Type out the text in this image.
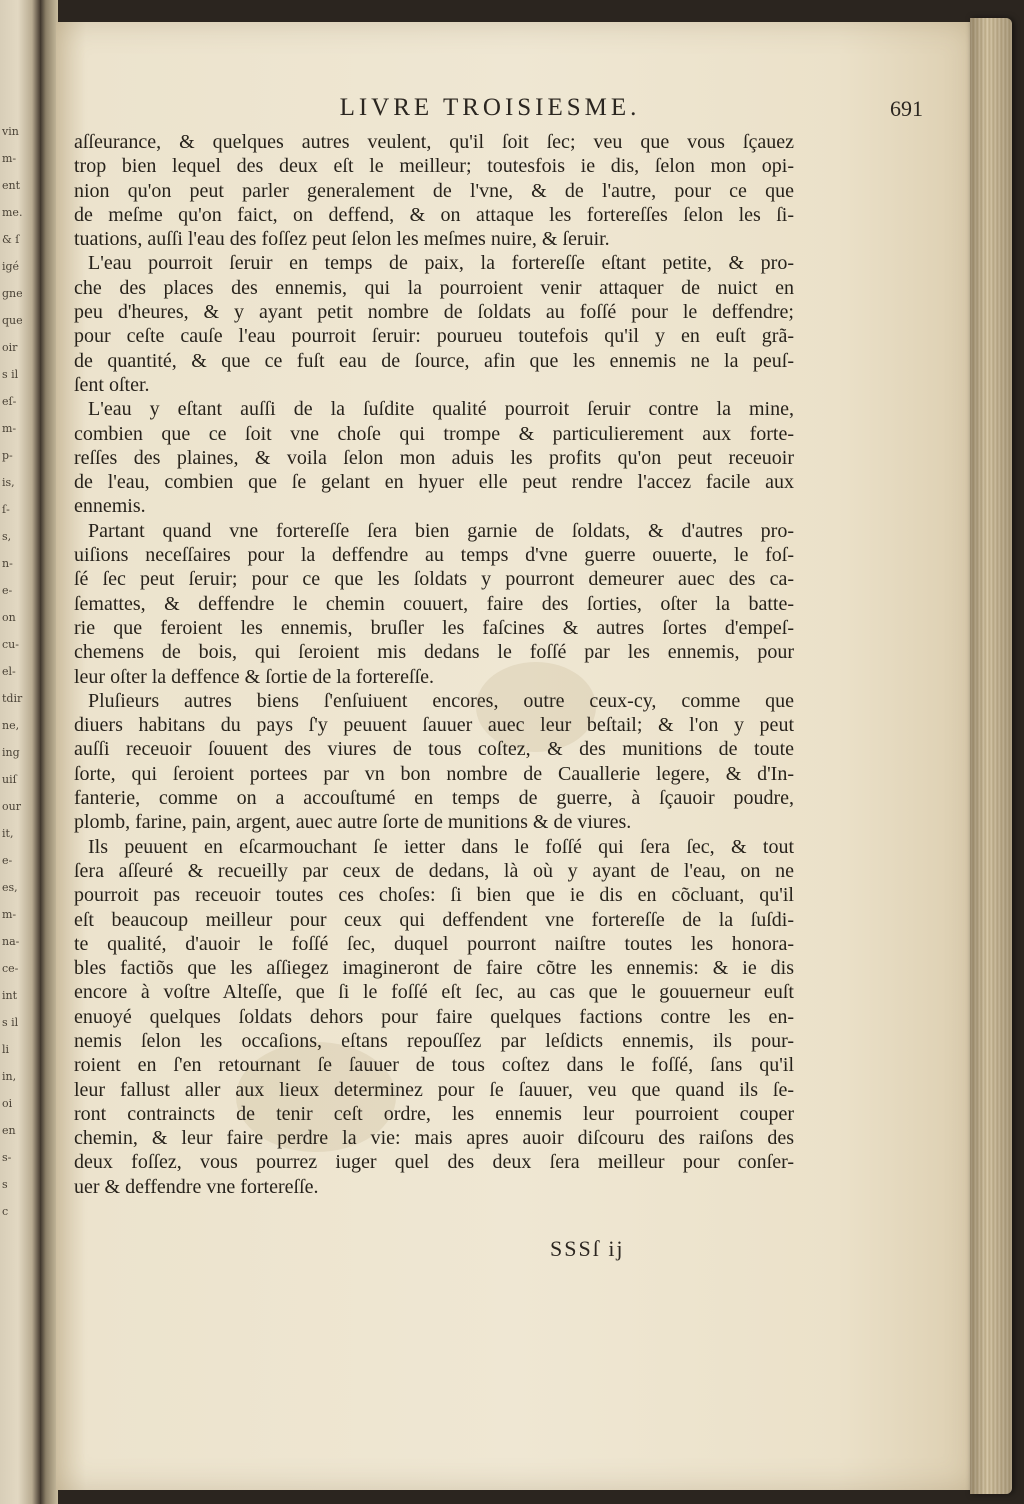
vin
m-
ent
me.
& ſ
igé
gne
que
oir
s il
eſ-
m-
p-
is,
ſ-
s,
n-
e-
on
cu-
el-
tdir
ne,
ing
uiſ
our
it,
e-
es,
m-
na-
ce-
int
s il
li
in,
oi
en
s-
s
c
LIVRE TROISIESME.	691
aſſeurance, & quelques autres veulent, qu'il ſoit ſec; veu que vous ſçauez
trop bien lequel des deux eſt le meilleur; toutesfois ie dis, ſelon mon opi-
nion qu'on peut parler generalement de l'vne, & de l'autre, pour ce que
de meſme qu'on faict, on deffend, & on attaque les fortereſſes ſelon les ſi-
tuations, auſſi l'eau des foſſez peut ſelon les meſmes nuire, & ſeruir.
L'eau pourroit ſeruir en temps de paix, la fortereſſe eſtant petite, & pro-
che des places des ennemis, qui la pourroient venir attaquer de nuict en
peu d'heures, & y ayant petit nombre de ſoldats au foſſé pour le deffendre;
pour ceſte cauſe l'eau pourroit ſeruir: pourueu toutefois qu'il y en euſt grã-
de quantité, & que ce fuſt eau de ſource, afin que les ennemis ne la peuſ-
ſent oſter.
L'eau y eſtant auſſi de la ſuſdite qualité pourroit ſeruir contre la mine,
combien que ce ſoit vne choſe qui trompe & particulierement aux forte-
reſſes des plaines, & voila ſelon mon aduis les profits qu'on peut receuoir
de l'eau, combien que ſe gelant en hyuer elle peut rendre l'accez facile aux
ennemis.
Partant quand vne fortereſſe ſera bien garnie de ſoldats, & d'autres pro-
uiſions neceſſaires pour la deffendre au temps d'vne guerre ouuerte, le foſ-
ſé ſec peut ſeruir; pour ce que les ſoldats y pourront demeurer auec des ca-
ſemattes, & deffendre le chemin couuert, faire des ſorties, oſter la batte-
rie que feroient les ennemis, bruſler les faſcines & autres ſortes d'empeſ-
chemens de bois, qui ſeroient mis dedans le foſſé par les ennemis, pour
leur oſter la deffence & ſortie de la fortereſſe.
Pluſieurs autres biens ſ'enſuiuent encores, outre ceux-cy, comme que
diuers habitans du pays ſ'y peuuent ſauuer auec leur beſtail; & l'on y peut
auſſi receuoir ſouuent des viures de tous coſtez, & des munitions de toute
ſorte, qui ſeroient portees par vn bon nombre de Cauallerie legere, & d'In-
fanterie, comme on a accouſtumé en temps de guerre, à ſçauoir poudre,
plomb, farine, pain, argent, auec autre ſorte de munitions & de viures.
Ils peuuent en eſcarmouchant ſe ietter dans le foſſé qui ſera ſec, & tout
ſera aſſeuré & recueilly par ceux de dedans, là où y ayant de l'eau, on ne
pourroit pas receuoir toutes ces choſes: ſi bien que ie dis en cõcluant, qu'il
eſt beaucoup meilleur pour ceux qui deffendent vne fortereſſe de la ſuſdi-
te qualité, d'auoir le foſſé ſec, duquel pourront naiſtre toutes les honora-
bles factiõs que les aſſiegez imagineront de faire cõtre les ennemis: & ie dis
encore à voſtre Alteſſe, que ſi le foſſé eſt ſec, au cas que le gouuerneur euſt
enuoyé quelques ſoldats dehors pour faire quelques factions contre les en-
nemis ſelon les occaſions, eſtans repouſſez par leſdicts ennemis, ils pour-
roient en ſ'en retournant ſe ſauuer de tous coſtez dans le foſſé, ſans qu'il
leur fallust aller aux lieux determinez pour ſe ſauuer, veu que quand ils ſe-
ront contraincts de tenir ceſt ordre, les ennemis leur pourroient couper
chemin, & leur faire perdre la vie: mais apres auoir diſcouru des raiſons des
deux foſſez, vous pourrez iuger quel des deux ſera meilleur pour conſer-
uer & deffendre vne fortereſſe.
SSSſ ij
